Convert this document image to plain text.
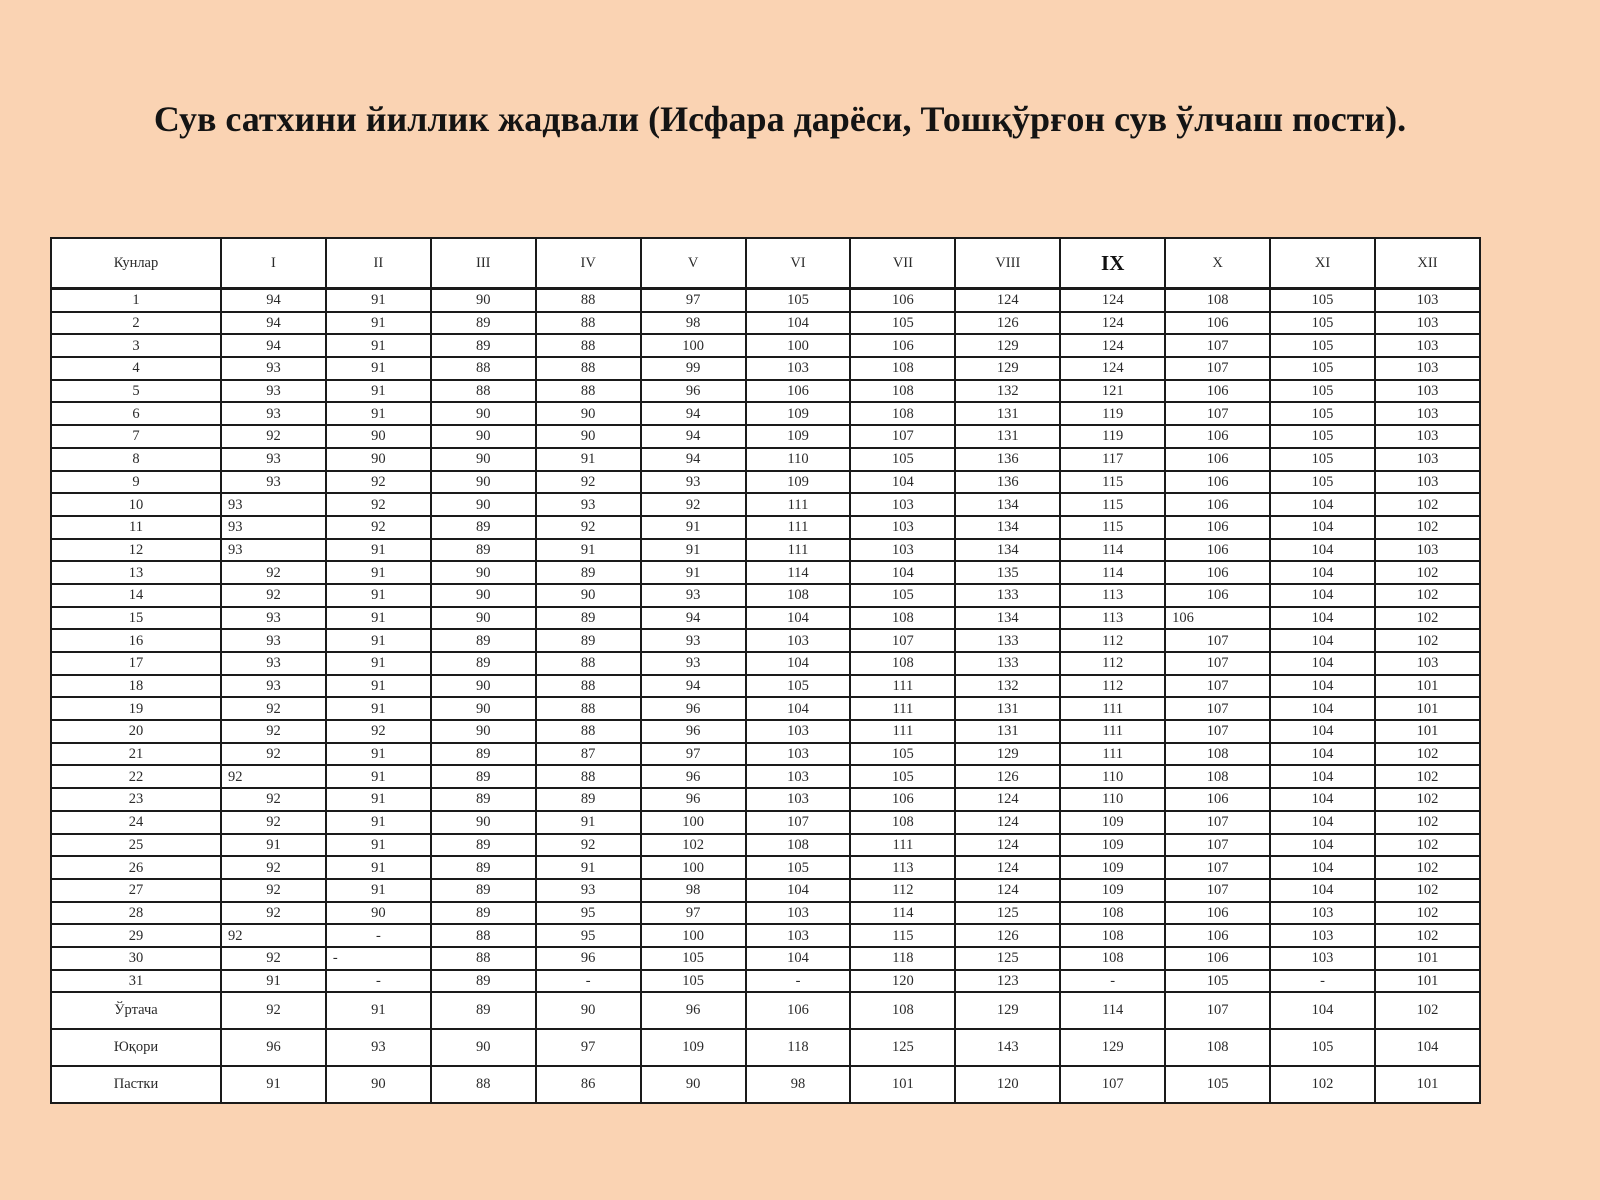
Сув сатхини йиллик жадвали (Исфара дарёси, Тошқўрғон сув ўлчаш пости).
Кунлар	I	II	III	IV	V	VI	VII	VIII	IX	X	XI	XII
1	94	91	90	88	97	105	106	124	124	108	105	103
2	94	91	89	88	98	104	105	126	124	106	105	103
3	94	91	89	88	100	100	106	129	124	107	105	103
4	93	91	88	88	99	103	108	129	124	107	105	103
5	93	91	88	88	96	106	108	132	121	106	105	103
6	93	91	90	90	94	109	108	131	119	107	105	103
7	92	90	90	90	94	109	107	131	119	106	105	103
8	93	90	90	91	94	110	105	136	117	106	105	103
9	93	92	90	92	93	109	104	136	115	106	105	103
10	93	92	90	93	92	111	103	134	115	106	104	102
11	93	92	89	92	91	111	103	134	115	106	104	102
12	93	91	89	91	91	111	103	134	114	106	104	103
13	92	91	90	89	91	114	104	135	114	106	104	102
14	92	91	90	90	93	108	105	133	113	106	104	102
15	93	91	90	89	94	104	108	134	113	106	104	102
16	93	91	89	89	93	103	107	133	112	107	104	102
17	93	91	89	88	93	104	108	133	112	107	104	103
18	93	91	90	88	94	105	111	132	112	107	104	101
19	92	91	90	88	96	104	111	131	111	107	104	101
20	92	92	90	88	96	103	111	131	111	107	104	101
21	92	91	89	87	97	103	105	129	111	108	104	102
22	92	91	89	88	96	103	105	126	110	108	104	102
23	92	91	89	89	96	103	106	124	110	106	104	102
24	92	91	90	91	100	107	108	124	109	107	104	102
25	91	91	89	92	102	108	111	124	109	107	104	102
26	92	91	89	91	100	105	113	124	109	107	104	102
27	92	91	89	93	98	104	112	124	109	107	104	102
28	92	90	89	95	97	103	114	125	108	106	103	102
29	92	-	88	95	100	103	115	126	108	106	103	102
30	92	-	88	96	105	104	118	125	108	106	103	101
31	91	-	89	-	105	-	120	123	-	105	-	101
Ўртача	92	91	89	90	96	106	108	129	114	107	104	102
Юқори	96	93	90	97	109	118	125	143	129	108	105	104
Пастки	91	90	88	86	90	98	101	120	107	105	102	101
